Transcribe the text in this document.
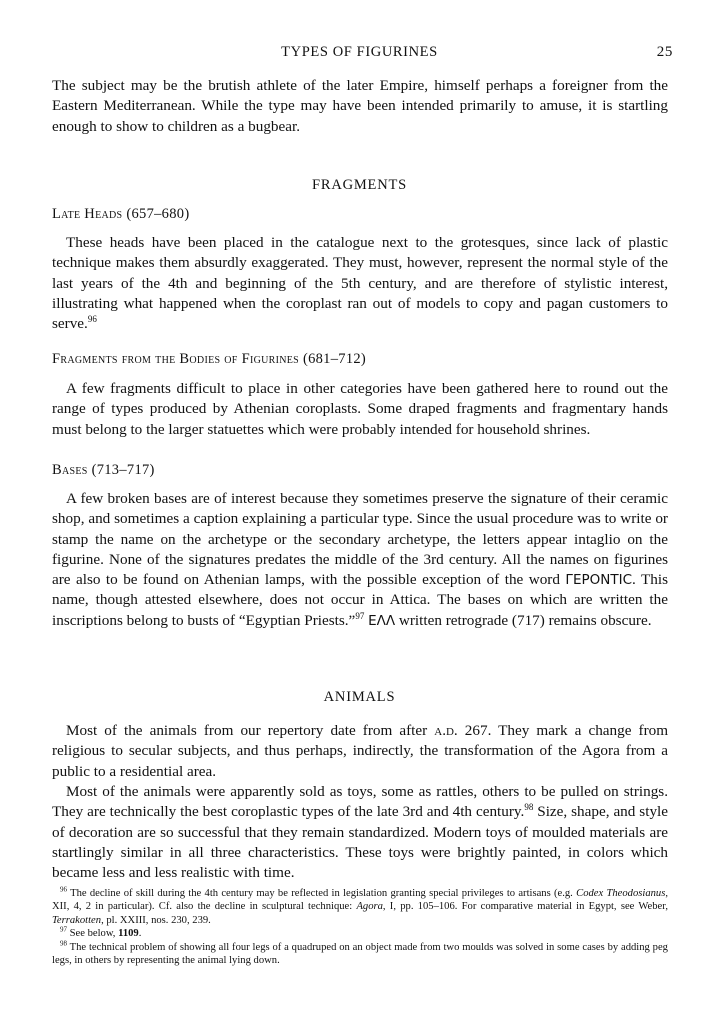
TYPES OF FIGURINES	25

The subject may be the brutish athlete of the later Empire, himself perhaps a foreigner from the Eastern Mediterranean. While the type may have been intended primarily to amuse, it is startling enough to show to children as a bugbear.

FRAGMENTS
Late Heads (657–680)
These heads have been placed in the catalogue next to the grotesques, since lack of plastic technique makes them absurdly exaggerated. They must, however, represent the normal style of the last years of the 4th and beginning of the 5th century, and are therefore of stylistic interest, illustrating what happened when the coroplast ran out of models to copy and pagan customers to serve.$^{96}$
Fragments from the Bodies of Figurines (681–712)

A few fragments difficult to place in other categories have been gathered here to round out the range of types produced by Athenian coroplasts. Some draped fragments and fragmentary hands must belong to the larger statuettes which were probably intended for household shrines.

Bases (713–717)
A few broken bases are of interest because they sometimes preserve the signature of their ceramic shop, and sometimes a caption explaining a particular type. Since the usual procedure was to write or stamp the name on the archetype or the secondary archetype, the letters appear intaglio on the figurine. None of the signatures predates the middle of the 3rd century. All the names on figurines are also to be found on Athenian lamps, with the possible exception of the word ΓΕΡΟΝΤΙC. This name, though attested elsewhere, does not occur in Attica. The bases on which are written the inscriptions belong to busts of “Egyptian Priests.”$^{97}$ ΕΛΛ written retrograde (717) remains obscure.
ANIMALS
Most of the animals from our repertory date from after a.d. 267. They mark a change from religious to secular subjects, and thus perhaps, indirectly, the transformation of the Agora from a public to a residential area.
Most of the animals were apparently sold as toys, some as rattles, others to be pulled on strings. They are technically the best coroplastic types of the late 3rd and 4th century.$^{98}$ Size, shape, and style of decoration are so successful that they remain standardized. Modern toys of moulded materials are startlingly similar in all three characteristics. These toys were brightly painted, in colors which became less and less realistic with time.

$^{96}$ The decline of skill during the 4th century may be reflected in legislation granting special privileges to artisans (e.g. Codex Theodosianus, XII, 4, 2 in particular). Cf. also the decline in sculptural technique: Agora, I, pp. 105–106. For comparative material in Egypt, see Weber, Terrakotten, pl. XXIII, nos. 230, 239.

$^{97}$ See below, 1109.

$^{98}$ The technical problem of showing all four legs of a quadruped on an object made from two moulds was solved in some cases by adding peg legs, in others by representing the animal lying down.
